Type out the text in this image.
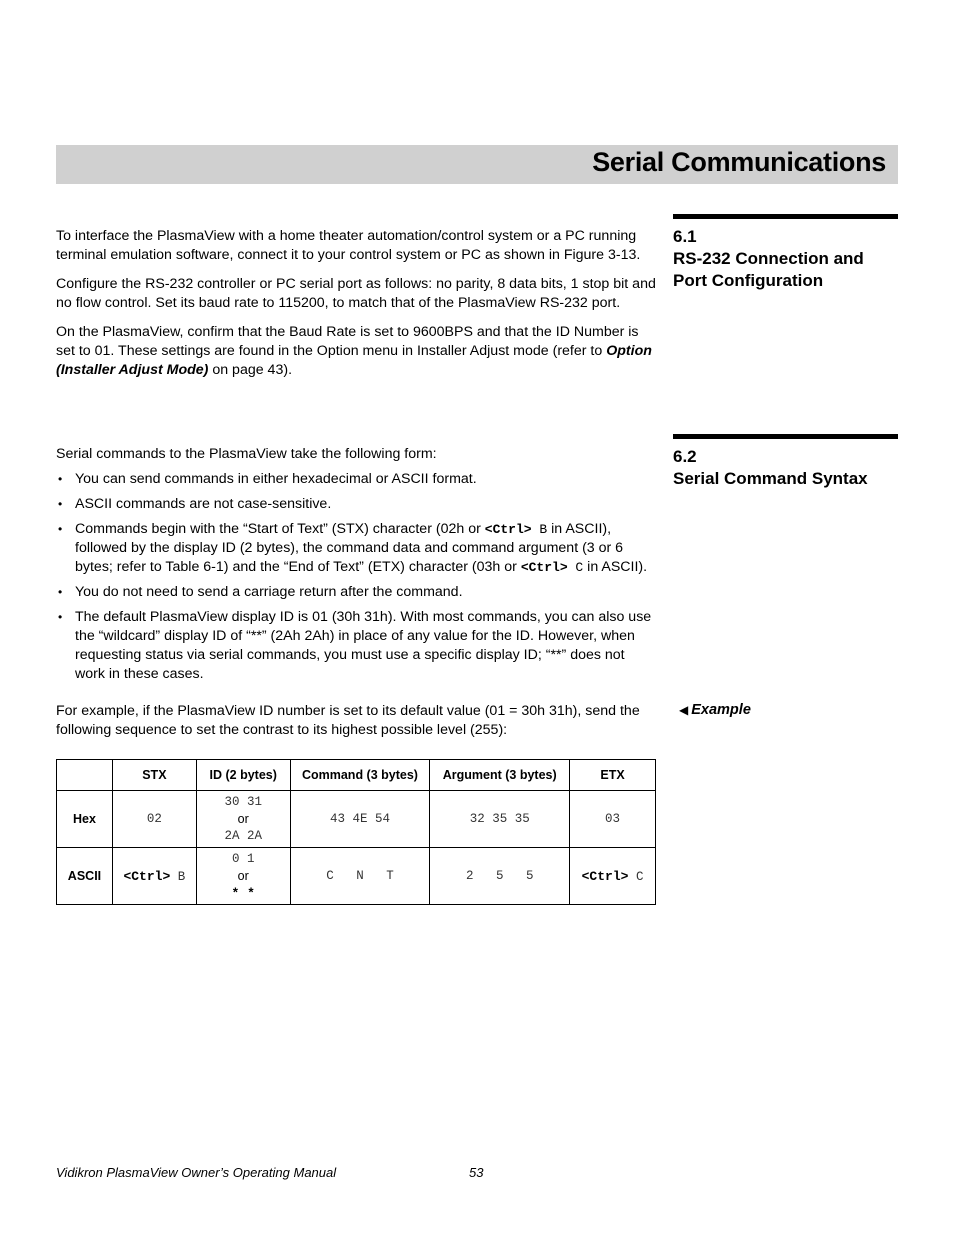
Serial Communications
6.1
RS-232 Connection and Port Configuration

To interface the PlasmaView with a home theater automation/control system or a PC running terminal emulation software, connect it to your control system or PC as shown in Figure 3-13.

Configure the RS-232 controller or PC serial port as follows: no parity, 8 data bits, 1 stop bit and no flow control. Set its baud rate to 115200, to match that of the PlasmaView RS-232 port.

On the PlasmaView, confirm that the Baud Rate is set to 9600BPS and that the ID Number is set to 01. These settings are found in the Option menu in Installer Adjust mode (refer to Option (Installer Adjust Mode) on page 43).

6.2
Serial Command Syntax

Serial commands to the PlasmaView take the following form:

• You can send commands in either hexadecimal or ASCII format.
• ASCII commands are not case-sensitive.
• Commands begin with the “Start of Text” (STX) character (02h or <Ctrl> B in ASCII), followed by the display ID (2 bytes), the command data and command argument (3 or 6 bytes; refer to Table 6-1) and the “End of Text” (ETX) character (03h or <Ctrl> C in ASCII).
• You do not need to send a carriage return after the command.
• The default PlasmaView display ID is 01 (30h 31h). With most commands, you can also use the “wildcard” display ID of “**” (2Ah 2Ah) in place of any value for the ID. However, when requesting status via serial commands, you must use a specific display ID; “**” does not work in these cases.
◀ Example

For example, if the PlasmaView ID number is set to its default value (01 = 30h 31h), send the following sequence to set the contrast to its highest possible level (255):

	STX	ID (2 bytes)	Command (3 bytes)	Argument (3 bytes)	ETX
Hex	02	30 31
or
2A 2A	43 4E 54	32 35 35	03
ASCII	<Ctrl> B	0 1
or
* *	C   N   T	2   5   5	<Ctrl> C
Vidikron PlasmaView Owner’s Operating Manual	53
